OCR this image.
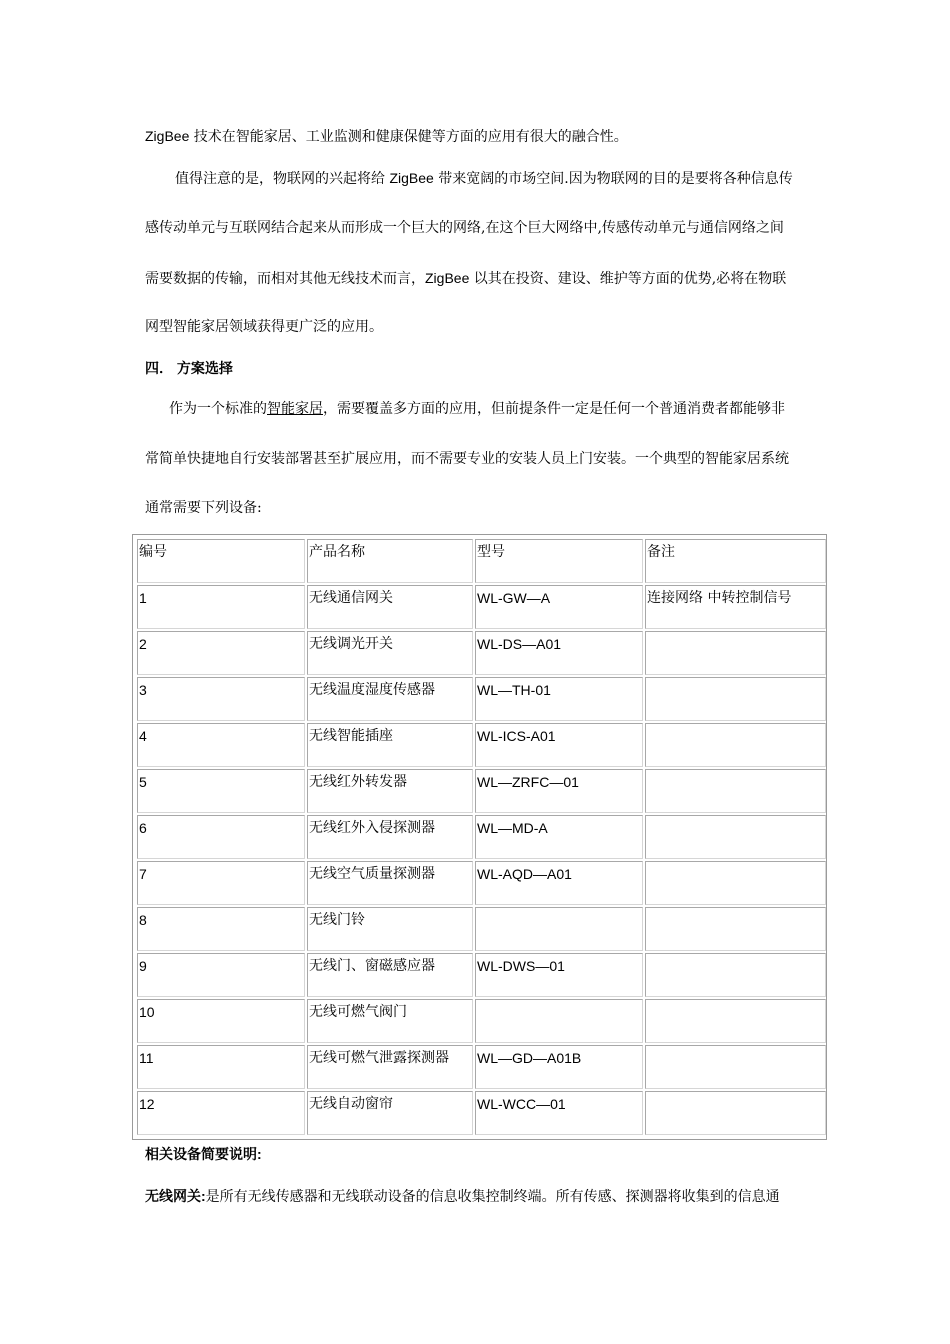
ZigBee 技术在智能家居、工业监测和健康保健等方面的应用有很大的融合性。
值得注意的是，物联网的兴起将给 ZigBee 带来宽阔的市场空间.因为物联网的目的是要将各种信息传
感传动单元与互联网结合起来从而形成一个巨大的网络,在这个巨大网络中,传感传动单元与通信网络之间
需要数据的传输，而相对其他无线技术而言，ZigBee 以其在投资、建设、维护等方面的优势,必将在物联
网型智能家居领域获得更广泛的应用。
四． 方案选择
作为一个标准的智能家居，需要覆盖多方面的应用，但前提条件一定是任何一个普通消费者都能够非
常简单快捷地自行安装部署甚至扩展应用，而不需要专业的安装人员上门安装。一个典型的智能家居系统
通常需要下列设备:
编号	产品名称	型号	备注
1	无线通信网关	WL-GW—A	连接网络 中转控制信号
2	无线调光开关	WL-DS—A01	
3	无线温度湿度传感器	WL—TH-01	
4	无线智能插座	WL-ICS-A01	
5	无线红外转发器	WL—ZRFC—01	
6	无线红外入侵探测器	WL—MD-A	
7	无线空气质量探测器	WL-AQD—A01	
8	无线门铃		
9	无线门、窗磁感应器	WL-DWS—01	
10	无线可燃气阀门		
11	无线可燃气泄露探测器	WL—GD—A01B	
12	无线自动窗帘	WL-WCC—01	
相关设备简要说明:
无线网关:是所有无线传感器和无线联动设备的信息收集控制终端。所有传感、探测器将收集到的信息通
